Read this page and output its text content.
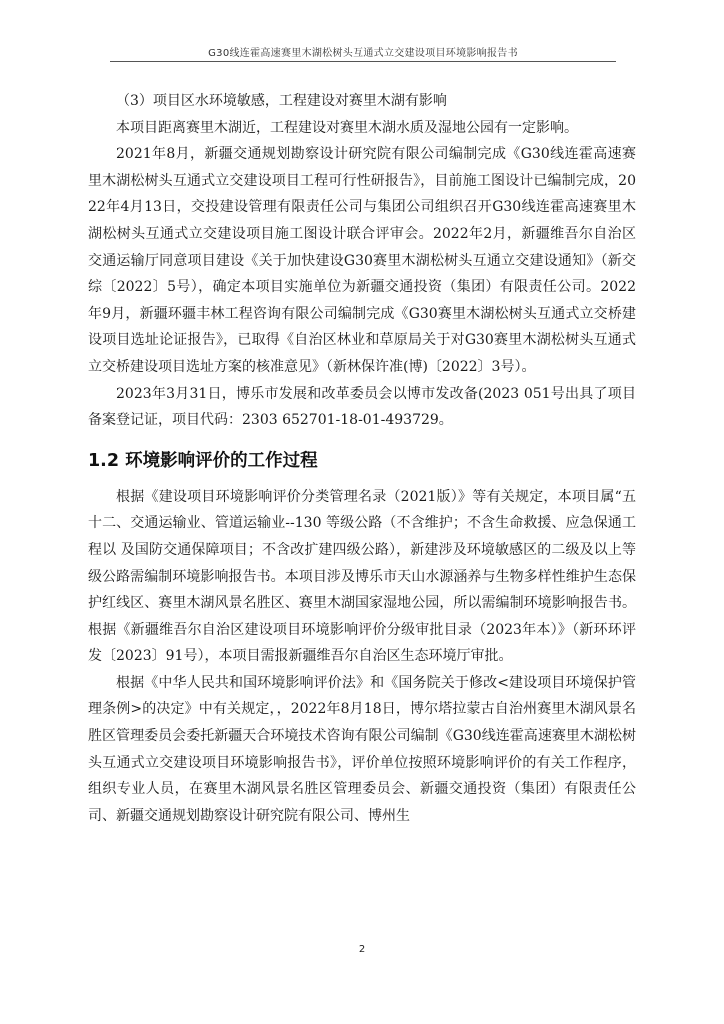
G30线连霍高速赛里木湖松树头互通式立交建设项目环境影响报告书

（3）项目区水环境敏感，工程建设对赛里木湖有影响

本项目距离赛里木湖近，工程建设对赛里木湖水质及湿地公园有一定影响。

2021年8月，新疆交通规划勘察设计研究院有限公司编制完成《G30线连霍高速赛里木湖松树头互通式立交建设项目工程可行性研报告》，目前施工图设计已编制完成，2022年4月13日，交投建设管理有限责任公司与集团公司组织召开G30线连霍高速赛里木湖松树头互通式立交建设项目施工图设计联合评审会。2022年2月，新疆维吾尔自治区交通运输厅同意项目建设《关于加快建设G30赛里木湖松树头互通立交建设通知》（新交综〔2022〕5号），确定本项目实施单位为新疆交通投资（集团）有限责任公司。2022年9月，新疆环疆丰林工程咨询有限公司编制完成《G30赛里木湖松树头互通式立交桥建设项目选址论证报告》，已取得《自治区林业和草原局关于对G30赛里木湖松树头互通式立交桥建设项目选址方案的核准意见》（新林保许准(博)〔2022〕3号）。

2023年3月31日，博乐市发展和改革委员会以博市发改备(2023 051号出具了项目备案登记证，项目代码：2303 652701-18-01-493729。

1.2 环境影响评价的工作过程

根据《建设项目环境影响评价分类管理名录（2021版）》等有关规定，本项目属“五十二、交通运输业、管道运输业--130 等级公路（不含维护；不含生命救援、应急保通工程以 及国防交通保障项目；不含改扩建四级公路），新建涉及环境敏感区的二级及以上等级公路需编制环境影响报告书。本项目涉及博乐市天山水源涵养与生物多样性维护生态保护红线区、赛里木湖风景名胜区、赛里木湖国家湿地公园，所以需编制环境影响报告书。根据《新疆维吾尔自治区建设项目环境影响评价分级审批目录（2023年本）》（新环环评发〔2023〕91号），本项目需报新疆维吾尔自治区生态环境厅审批。

根据《中华人民共和国环境影响评价法》和《国务院关于修改<建设项目环境保护管理条例>的决定》中有关规定，，2022年8月18日，博尔塔拉蒙古自治州赛里木湖风景名胜区管理委员会委托新疆天合环境技术咨询有限公司编制《G30线连霍高速赛里木湖松树头互通式立交建设项目环境影响报告书》，评价单位按照环境影响评价的有关工作程序，组织专业人员，在赛里木湖风景名胜区管理委员会、新疆交通投资（集团）有限责任公司、新疆交通规划勘察设计研究院有限公司、博州生

2
